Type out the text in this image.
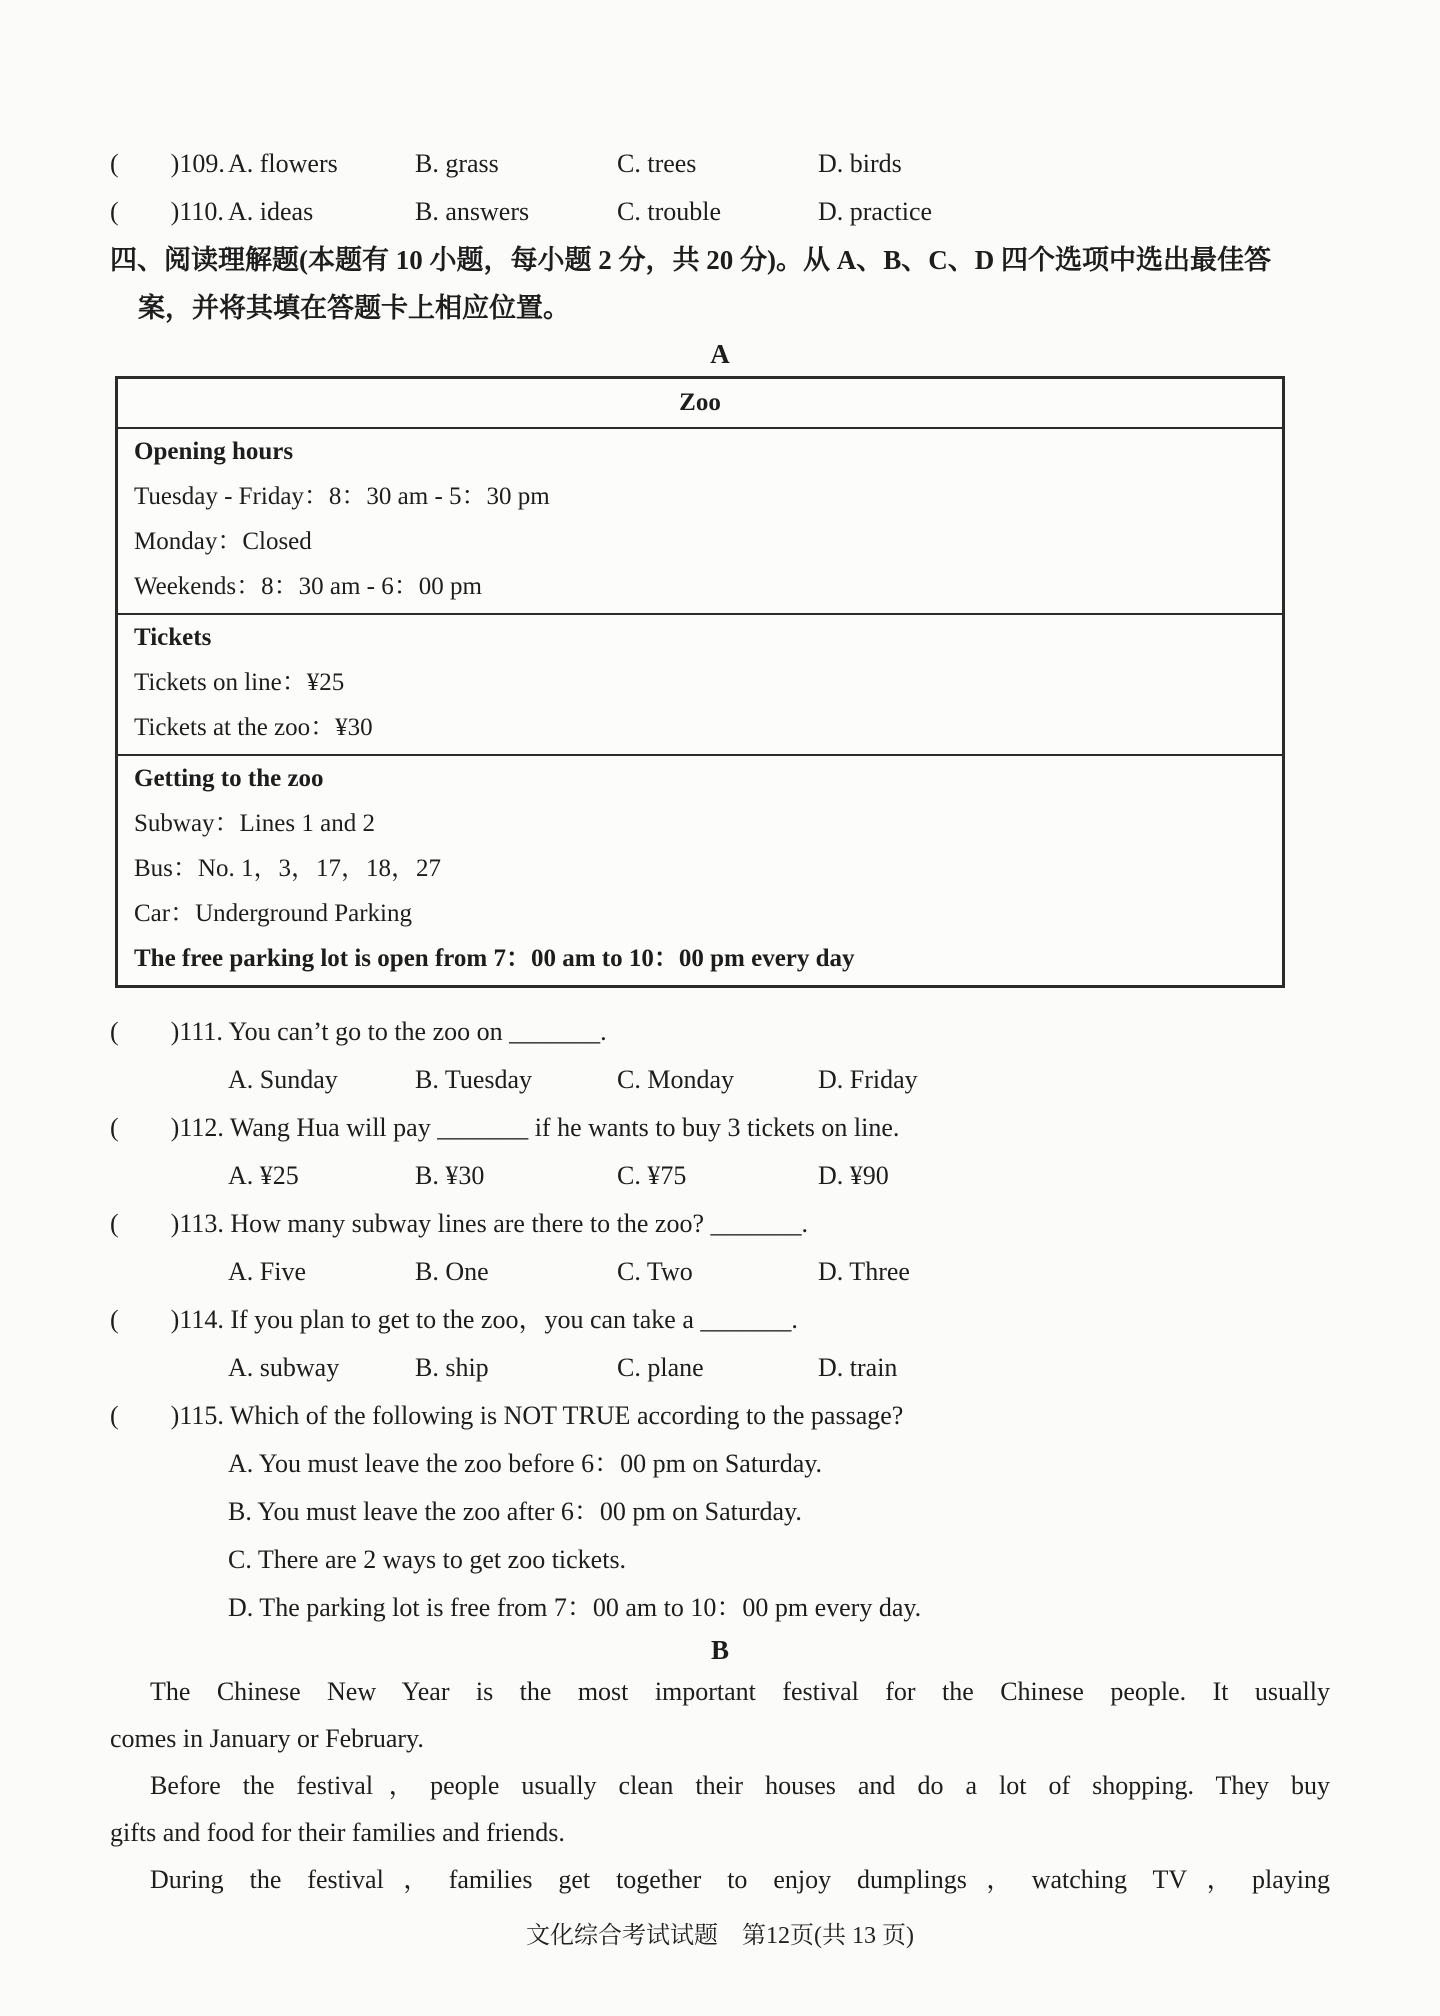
(  )109. A. flowers	B. grass	C. trees	D. birds
(  )110. A. ideas	B. answers	C. trouble	D. practice
四、阅读理解题(本题有 10 小题，每小题 2 分，共 20 分)。从 A、B、C、D 四个选项中选出最佳答
案，并将其填在答题卡上相应位置。
A
Zoo
Opening hours
Tuesday - Friday：8：30 am - 5：30 pm
Monday：Closed
Weekends：8：30 am - 6：00 pm
Tickets
Tickets on line：¥25
Tickets at the zoo：¥30
Getting to the zoo
Subway：Lines 1 and 2
Bus：No. 1，3，17，18，27
Car：Underground Parking
The free parking lot is open from 7：00 am to 10：00 pm every day
(  )111. You can’t go to the zoo on _______.
A. Sunday	B. Tuesday	C. Monday	D. Friday
(  )112. Wang Hua will pay _______ if he wants to buy 3 tickets on line.
A. ¥25	B. ¥30	C. ¥75	D. ¥90
(  )113. How many subway lines are there to the zoo? _______.
A. Five	B. One	C. Two	D. Three
(  )114. If you plan to get to the zoo，you can take a _______.
A. subway	B. ship	C. plane	D. train
(  )115. Which of the following is NOT TRUE according to the passage?
A. You must leave the zoo before 6：00 pm on Saturday.
B. You must leave the zoo after 6：00 pm on Saturday.
C. There are 2 ways to get zoo tickets.
D. The parking lot is free from 7：00 am to 10：00 pm every day.
B
The Chinese New Year is the most important festival for the Chinese people. It usually
comes in January or February.
Before the festival，people usually clean their houses and do a lot of shopping. They buy
gifts and food for their families and friends.
During the festival，families get together to enjoy dumplings，watching TV，playing
文化综合考试试题　第12页(共 13 页)
